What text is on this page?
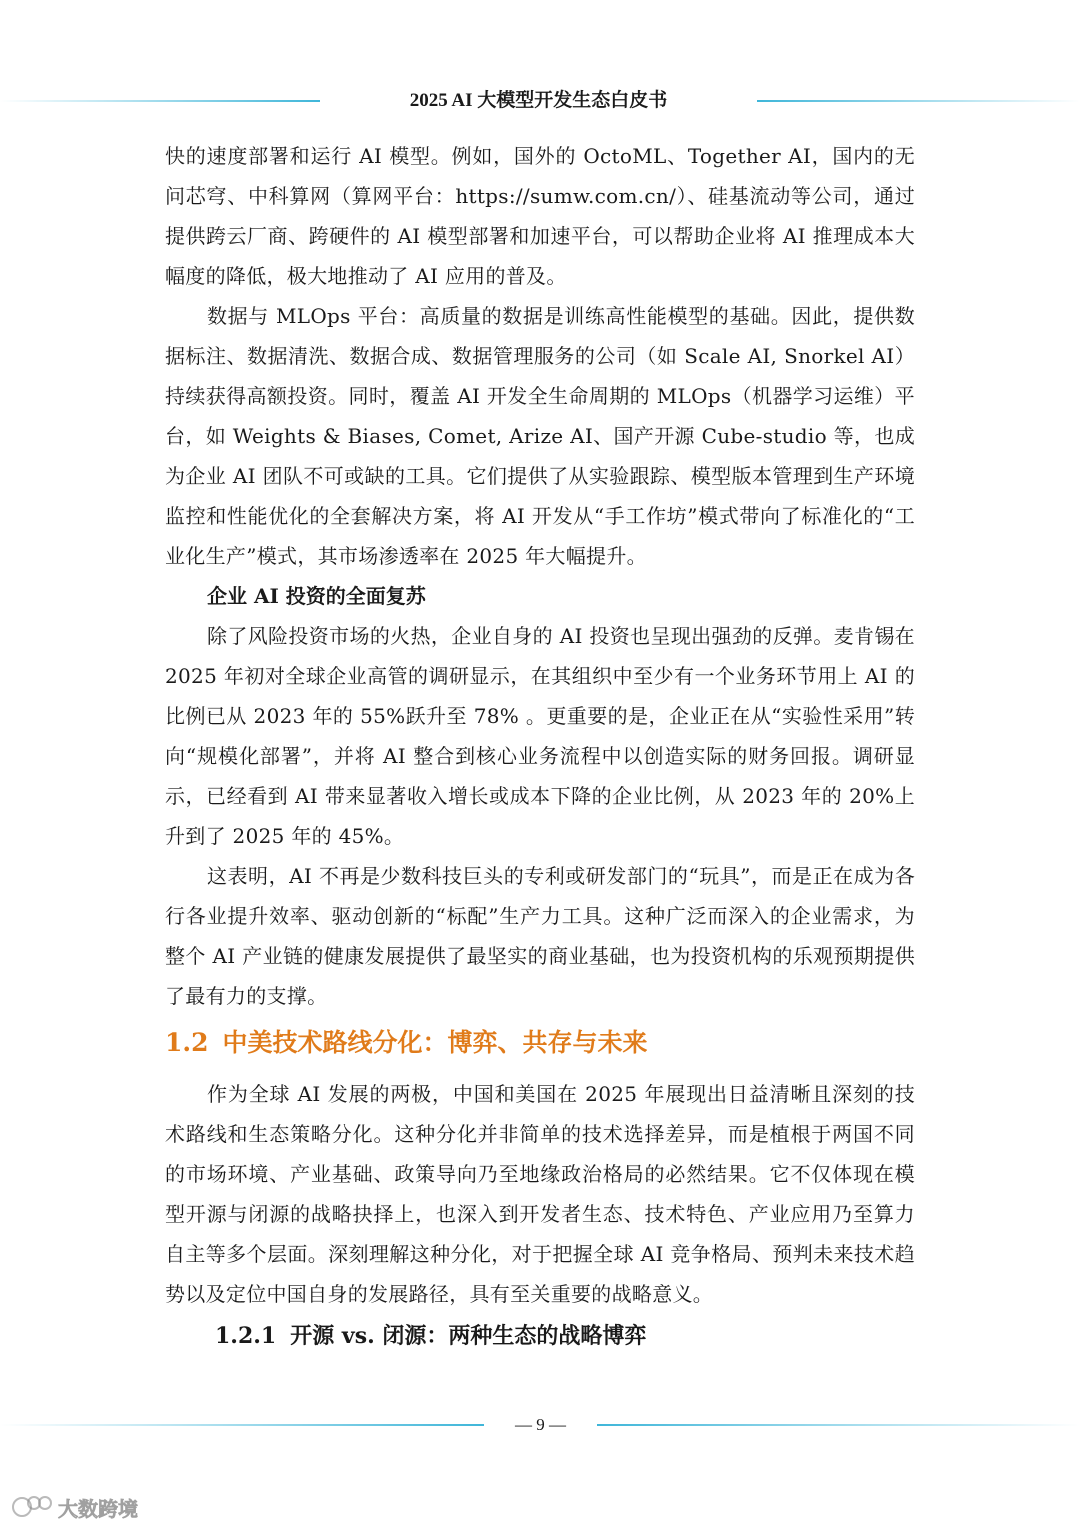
2025 AI 大模型开发生态白皮书

快的速度部署和运行 AI 模型。例如，国外的 OctoML、Together AI，国内的无问芯穹、中科算网（算网平台：https://sumw.com.cn/）、硅基流动等公司，通过提供跨云厂商、跨硬件的 AI 模型部署和加速平台，可以帮助企业将 AI 推理成本大幅度的降低，极大地推动了 AI 应用的普及。

数据与 MLOps 平台：高质量的数据是训练高性能模型的基础。因此，提供数据标注、数据清洗、数据合成、数据管理服务的公司（如 Scale AI, Snorkel AI）持续获得高额投资。同时，覆盖 AI 开发全生命周期的 MLOps（机器学习运维）平台，如 Weights & Biases, Comet, Arize AI、国产开源 Cube-studio 等，也成为企业 AI 团队不可或缺的工具。它们提供了从实验跟踪、模型版本管理到生产环境监控和性能优化的全套解决方案，将 AI 开发从“手工作坊”模式带向了标准化的“工业化生产”模式，其市场渗透率在 2025 年大幅提升。

企业 AI 投资的全面复苏

除了风险投资市场的火热，企业自身的 AI 投资也呈现出强劲的反弹。麦肯锡在 2025 年初对全球企业高管的调研显示，在其组织中至少有一个业务环节用上 AI 的比例已从 2023 年的 55%跃升至 78% 。更重要的是，企业正在从“实验性采用”转向“规模化部署”，并将 AI 整合到核心业务流程中以创造实际的财务回报。调研显示，已经看到 AI 带来显著收入增长或成本下降的企业比例，从 2023 年的 20%上升到了 2025 年的 45%。

这表明，AI 不再是少数科技巨头的专利或研发部门的“玩具”，而是正在成为各行各业提升效率、驱动创新的“标配”生产力工具。这种广泛而深入的企业需求，为整个 AI 产业链的健康发展提供了最坚实的商业基础，也为投资机构的乐观预期提供了最有力的支撑。

1.2 中美技术路线分化：博弈、共存与未来

作为全球 AI 发展的两极，中国和美国在 2025 年展现出日益清晰且深刻的技术路线和生态策略分化。这种分化并非简单的技术选择差异，而是植根于两国不同的市场环境、产业基础、政策导向乃至地缘政治格局的必然结果。它不仅体现在模型开源与闭源的战略抉择上，也深入到开发者生态、技术特色、产业应用乃至算力自主等多个层面。深刻理解这种分化，对于把握全球 AI 竞争格局、预判未来技术趋势以及定位中国自身的发展路径，具有至关重要的战略意义。

1.2.1 开源 vs. 闭源：两种生态的战略博弈
— 9 —
大数跨境
